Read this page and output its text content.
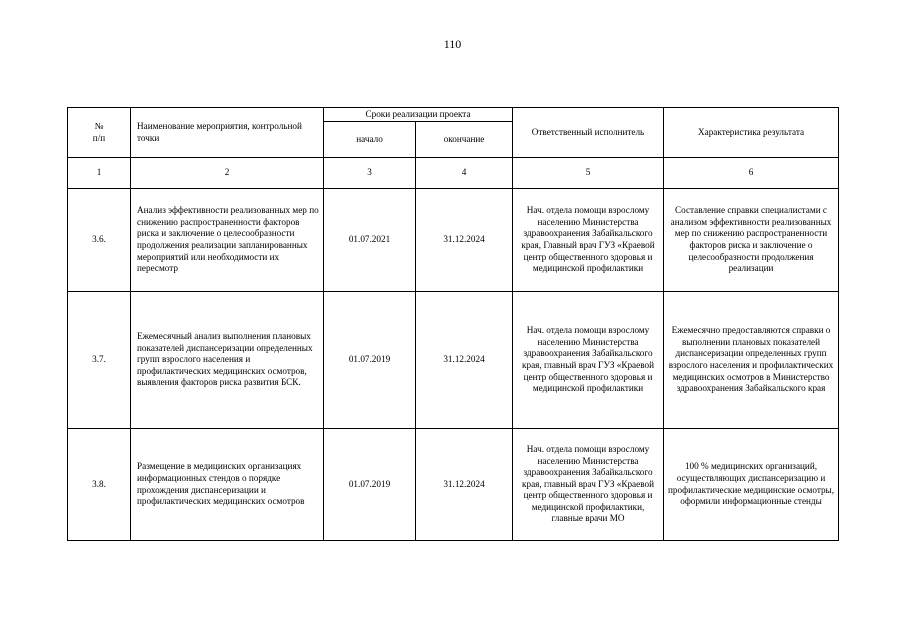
110
№
п/п	Наименование мероприятия, контрольной точки	Сроки реализации проекта		Ответственный исполнитель	Характеристика результата
		начало	окончание		
1	2	3	4	5	6
3.6.	Анализ эффективности реализованных мер по снижению распространенности факторов риска и заключение о целесообразности продолжения реализации запланированных мероприятий или необходимости их пересмотр	01.07.2021	31.12.2024	Нач. отдела помощи взрослому населению Министерства здравоохранения Забайкальского края, Главный врач ГУЗ «Краевой центр общественного здоровья и медицинской профилактики	Составление справки специалистами с анализом эффективности реализованных мер по снижению распространенности факторов риска и заключение о целесообразности продолжения реализации
3.7.	Ежемесячный анализ выполнения плановых показателей диспансеризации определенных групп взрослого населения и профилактических медицинских осмотров, выявления факторов риска развития БСК.	01.07.2019	31.12.2024	Нач. отдела помощи взрослому населению Министерства здравоохранения Забайкальского края, главный врач ГУЗ «Краевой центр общественного здоровья и медицинской профилактики	Ежемесячно предоставляются справки о выполнении плановых показателей диспансеризации определенных групп взрослого населения и профилактических медицинских осмотров в Министерство здравоохранения Забайкальского края
3.8.	Размещение в медицинских организациях информационных стендов о порядке прохождения диспансеризации и профилактических медицинских осмотров	01.07.2019	31.12.2024	Нач. отдела помощи взрослому населению Министерства здравоохранения Забайкальского края, главный врач ГУЗ «Краевой центр общественного здоровья и медицинской профилактики, главные врачи МО	100 % медицинских организаций, осуществляющих диспансеризацию и профилактические медицинские осмотры, оформили информационные стенды
